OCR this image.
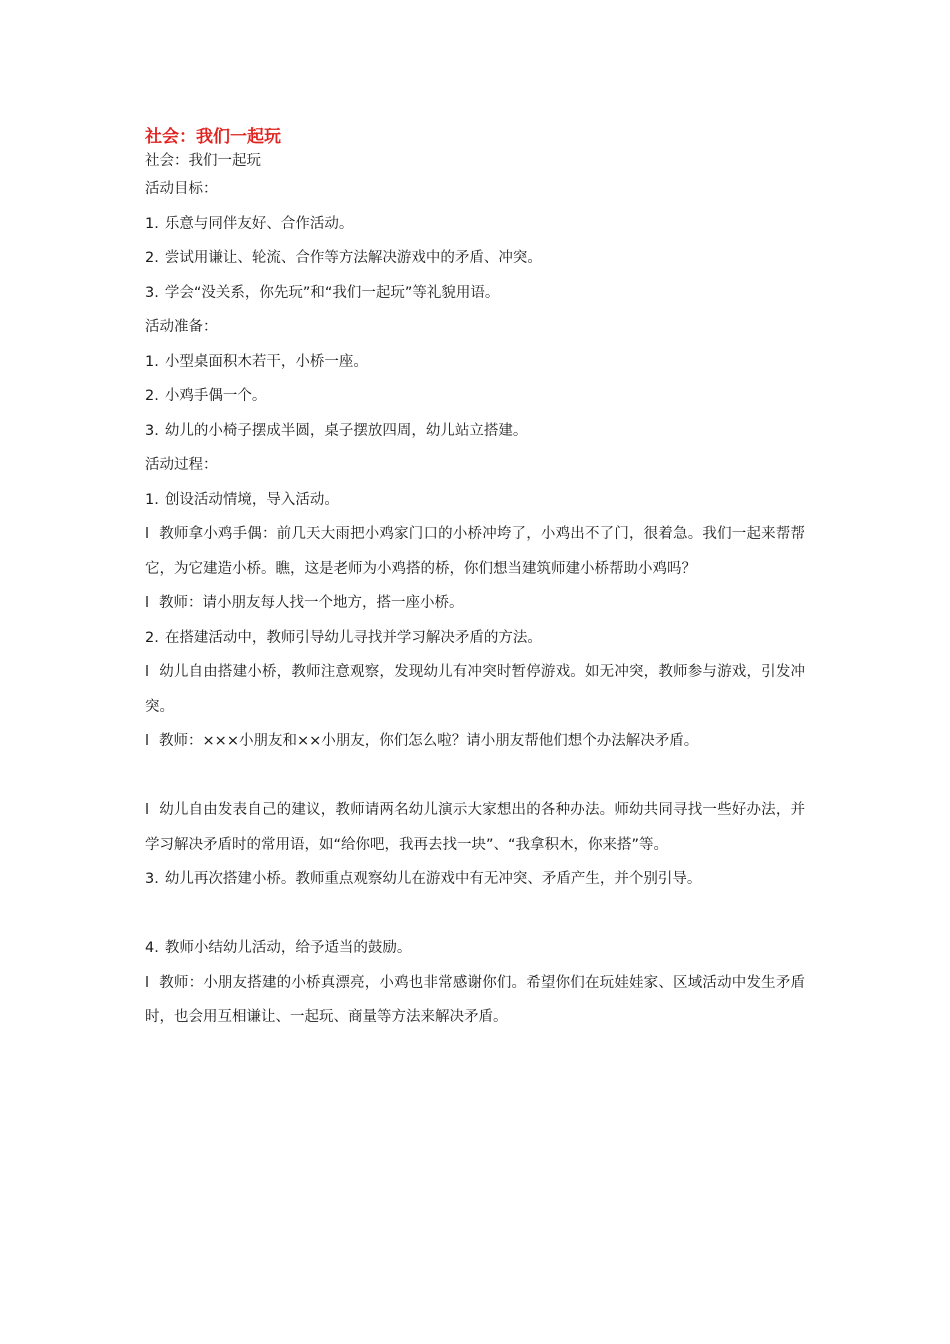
社会：我们一起玩
社会：我们一起玩

活动目标：

1. 乐意与同伴友好、合作活动。

2. 尝试用谦让、轮流、合作等方法解决游戏中的矛盾、冲突。

3. 学会“没关系，你先玩”和“我们一起玩”等礼貌用语。

活动准备：

1. 小型桌面积木若干，小桥一座。

2. 小鸡手偶一个。

3. 幼儿的小椅子摆成半圆，桌子摆放四周，幼儿站立搭建。

活动过程：

1. 创设活动情境，导入活动。

l 教师拿小鸡手偶：前几天大雨把小鸡家门口的小桥冲垮了，小鸡出不了门，很着急。我们一起来帮帮它，为它建造小桥。瞧，这是老师为小鸡搭的桥，你们想当建筑师建小桥帮助小鸡吗？

l 教师：请小朋友每人找一个地方，搭一座小桥。

2. 在搭建活动中，教师引导幼儿寻找并学习解决矛盾的方法。

l 幼儿自由搭建小桥，教师注意观察，发现幼儿有冲突时暂停游戏。如无冲突，教师参与游戏，引发冲突。

l 教师：×××小朋友和××小朋友，你们怎么啦？请小朋友帮他们想个办法解决矛盾。

l 幼儿自由发表自己的建议，教师请两名幼儿演示大家想出的各种办法。师幼共同寻找一些好办法，并学习解决矛盾时的常用语，如“给你吧，我再去找一块”、“我拿积木，你来搭”等。

3. 幼儿再次搭建小桥。教师重点观察幼儿在游戏中有无冲突、矛盾产生，并个别引导。

4. 教师小结幼儿活动，给予适当的鼓励。

l 教师：小朋友搭建的小桥真漂亮，小鸡也非常感谢你们。希望你们在玩娃娃家、区域活动中发生矛盾时，也会用互相谦让、一起玩、商量等方法来解决矛盾。
